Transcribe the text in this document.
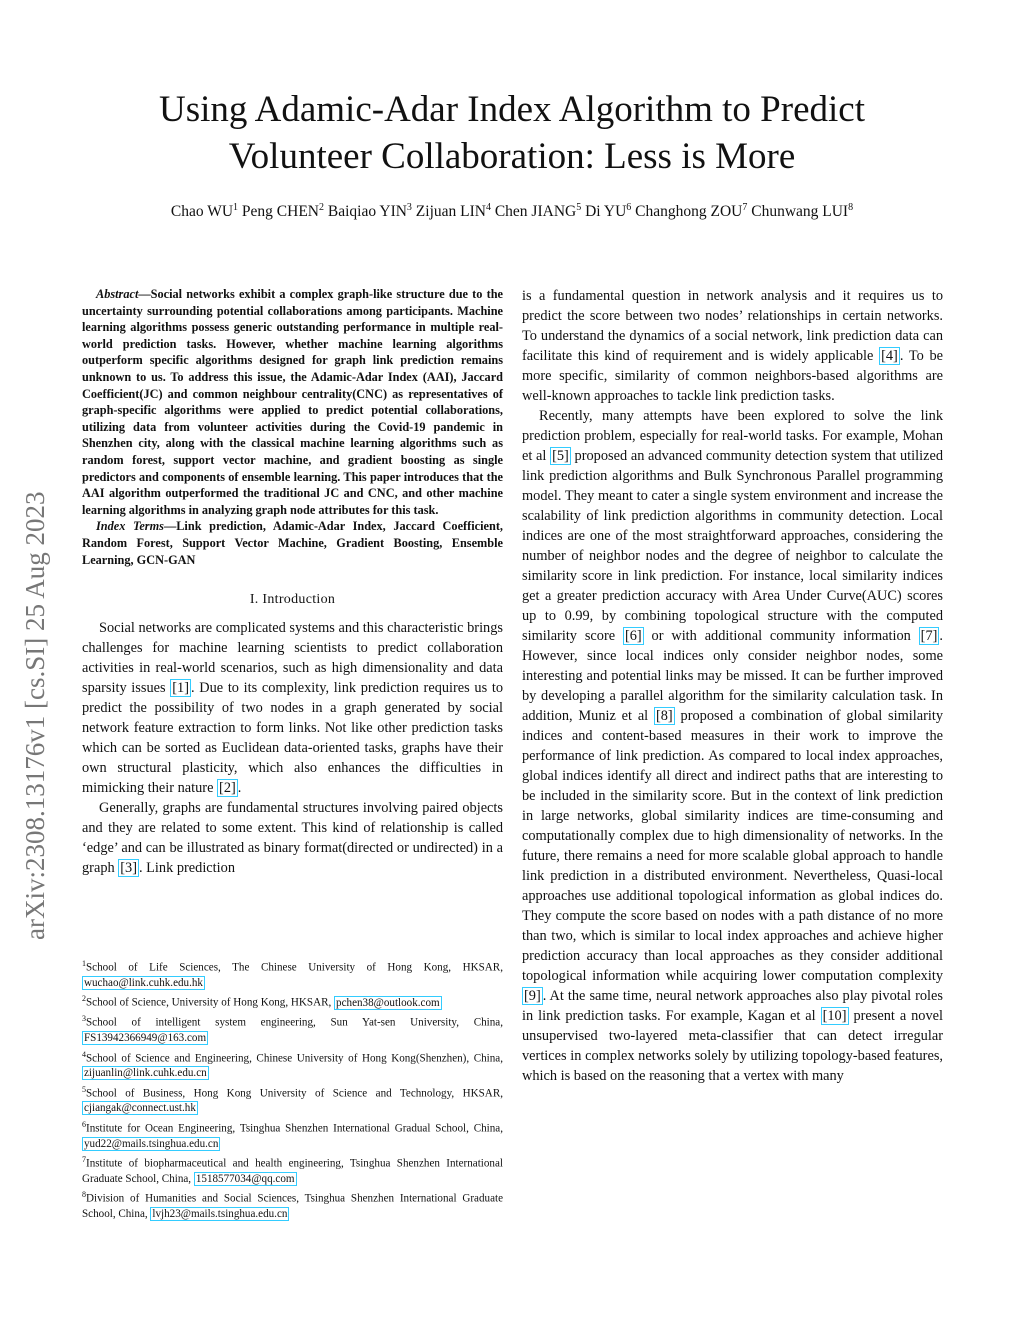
Using Adamic-Adar Index Algorithm to Predict
Volunteer Collaboration: Less is More
Chao $WU^1$ Peng CHEN$^2$ Baiqiao YIN$^3$ Zijuan LIN$^4$ Chen JIANG$^5$ Di $YU^6$ Changhong ZOU$^7$ Chunwang LUI$^8$
arXiv:2308.13176v1 [cs.SI] 25 Aug 2023

Abstract—Social networks exhibit a complex graph-like structure due to the uncertainty surrounding potential collaborations among participants. Machine learning algorithms possess generic outstanding performance in multiple real-world prediction tasks. However, whether machine learning algorithms outperform specific algorithms designed for graph link prediction remains unknown to us. To address this issue, the Adamic-Adar Index (AAI), Jaccard Coefficient(JC) and common neighbour centrality(CNC) as representatives of graph-specific algorithms were applied to predict potential collaborations, utilizing data from volunteer activities during the Covid-19 pandemic in Shenzhen city, along with the classical machine learning algorithms such as random forest, support vector machine, and gradient boosting as single predictors and components of ensemble learning. This paper introduces that the AAI algorithm outperformed the traditional JC and CNC, and other machine learning algorithms in analyzing graph node attributes for this task.

Index Terms—Link prediction, Adamic-Adar Index, Jaccard Coefficient, Random Forest, Support Vector Machine, Gradient Boosting, Ensemble Learning, GCN-GAN

I. Introduction

Social networks are complicated systems and this characteristic brings challenges for machine learning scientists to predict collaboration activities in real-world scenarios, such as high dimensionality and data sparsity issues [1] . Due to its complexity, link prediction requires us to predict the possibility of two nodes in a graph generated by social network feature extraction to form links. Not like other prediction tasks which can be sorted as Euclidean data-oriented tasks, graphs have their own structural plasticity, which also enhances the difficulties in mimicking their nature [2] .

Generally, graphs are fundamental structures involving paired objects and they are related to some extent. This kind of relationship is called ‘edge’ and can be illustrated as binary format(directed or undirected) in a graph [3] . Link prediction

$^1$School of Life Sciences, The Chinese University of Hong Kong, HKSAR, wuchao@link.cuhk.edu.hk
$^2$School of Science, University of Hong Kong, HKSAR, pchen38@outlook.com
$^3$School of intelligent system engineering, Sun Yat-sen University, China, FS13942366949@163.com
$^4$School of Science and Engineering, Chinese University of Hong Kong(Shenzhen), China, zijuanlin@link.cuhk.edu.cn
$^5$School of Business, Hong Kong University of Science and Technology, HKSAR, cjiangak@connect.ust.hk
$^6$Institute for Ocean Engineering, Tsinghua Shenzhen International Gradual School, China, yud22@mails.tsinghua.edu.cn
$^7$Institute of biopharmaceutical and health engineering, Tsinghua Shenzhen International Graduate School, China, 1518577034@qq.com
$^8$Division of Humanities and Social Sciences, Tsinghua Shenzhen International Graduate School, China, lvjh23@mails.tsinghua.edu.cn

is a fundamental question in network analysis and it requires us to predict the score between two nodes’ relationships in certain networks. To understand the dynamics of a social network, link prediction data can facilitate this kind of requirement and is widely applicable [4] . To be more specific, similarity of common neighbors-based algorithms are well-known approaches to tackle link prediction tasks.

Recently, many attempts have been explored to solve the link prediction problem, especially for real-world tasks. For example, Mohan et al [5] proposed an advanced community detection system that utilized link prediction algorithms and Bulk Synchronous Parallel programming model. They meant to cater a single system environment and increase the scalability of link prediction algorithms in community detection. Local indices are one of the most straightforward approaches, considering the number of neighbor nodes and the degree of neighbor to calculate the similarity score in link prediction. For instance, local similarity indices get a greater prediction accuracy with Area Under Curve(AUC) scores up to 0.99, by combining topological structure with the computed similarity score [6] or with additional community information [7] . However, since local indices only consider neighbor nodes, some interesting and potential links may be missed. It can be further improved by developing a parallel algorithm for the similarity calculation task. In addition, Muniz et al [8] proposed a combination of global similarity indices and content-based measures in their work to improve the performance of link prediction. As compared to local index approaches, global indices identify all direct and indirect paths that are interesting to be included in the similarity score. But in the context of link prediction in large networks, global similarity indices are time-consuming and computationally complex due to high dimensionality of networks. In the future, there remains a need for more scalable global approach to handle link prediction in a distributed environment. Nevertheless, Quasi-local approaches use additional topological information as global indices do. They compute the score based on nodes with a path distance of no more than two, which is similar to local index approaches and achieve higher prediction accuracy than local approaches as they consider additional topological information while acquiring lower computation complexity [9] . At the same time, neural network approaches also play pivotal roles in link prediction tasks. For example, Kagan et al [10] present a novel unsupervised two-layered meta-classifier that can detect irregular vertices in complex networks solely by utilizing topology-based features, which is based on the reasoning that a vertex with many
